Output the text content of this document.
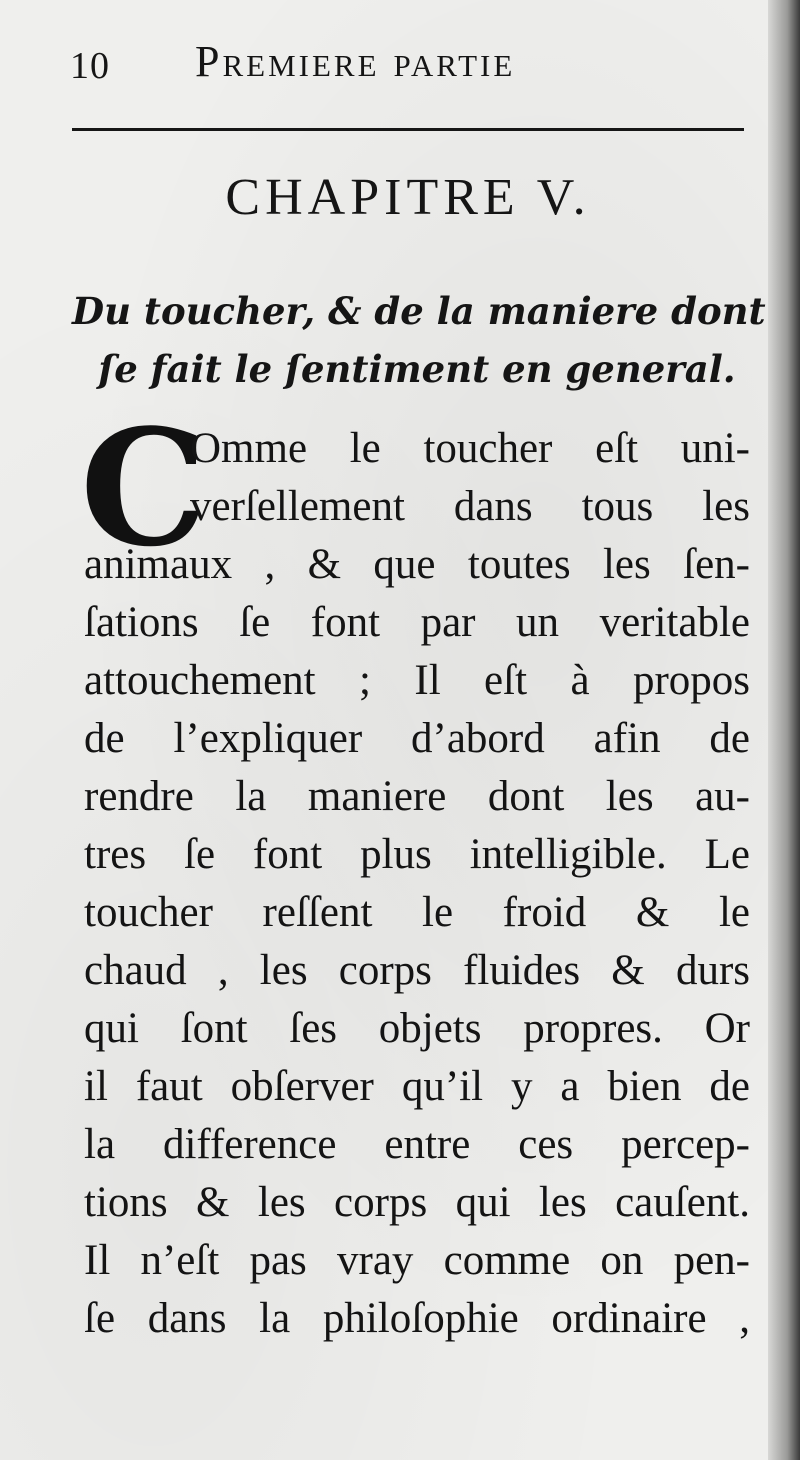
10 Premiere partie
CHAPITRE V.
Du toucher, & de la maniere dont
ſe fait le ſentiment en general.
C
Omme le toucher eſt uni-
verſellement dans tous les
animaux , & que toutes les ſen-
ſations ſe font par un veritable
attouchement ; Il eſt à propos
de l’expliquer d’abord afin de
rendre la maniere dont les au-
tres ſe font plus intelligible. Le
toucher reſſent le froid & le
chaud , les corps fluides & durs
qui ſont ſes objets propres. Or
il faut obſerver qu’il y a bien de
la difference entre ces percep-
tions & les corps qui les cauſent.
Il n’eſt pas vray comme on pen-
ſe dans la philoſophie ordinaire ,
